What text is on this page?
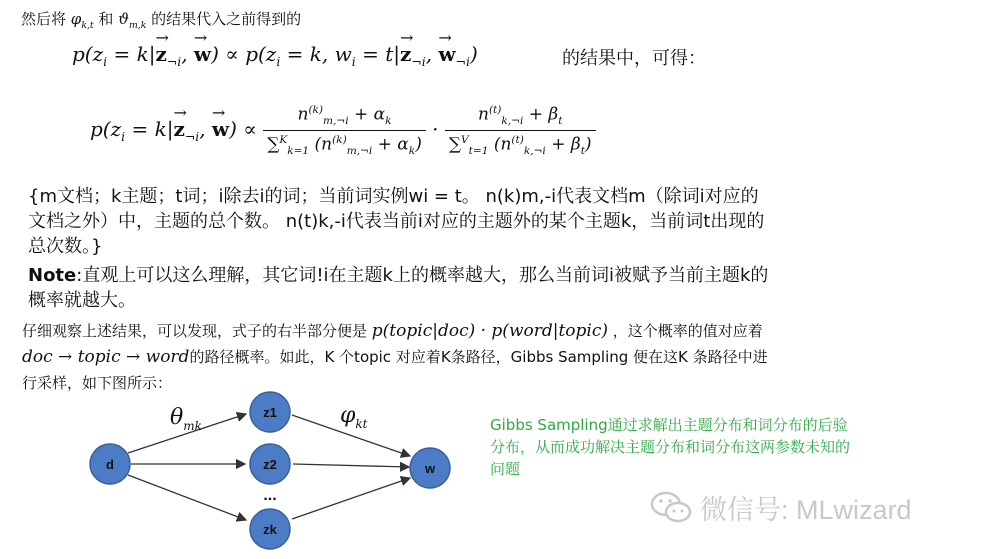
然后将 $\varphi_{k,t}$ 和 $ϑ_{m,k}$ 的结果代入之前得到的
$p(z_i = k|\to z_{\neg i}$, → $w) \propto p(z_i = k$, $w_i = t|\to z_{\neg i}$, → $w_{\neg i}$)	的结果中，可得：
$p(z_i = k|\to z_{\neg i}$, → $w) \propto \frac{n^{(k)}_{m,\neg i} + \alpha_k}{\sum^K_{k=1} (n^{(k)}_{m,\neg i} + \alpha_k)} \cdot \frac{n^{(t)}_{k,\neg i} + \beta_t}{\sum^V_{t=1} (n^{(t)}_{k,\neg i} + \beta_t)}$
{m文档；k主题；t词；i除去i的词；当前词实例wi = t。 n(k)m,-i代表文档m（除词i对应的
文档之外）中，主题的总个数。 n(t)k,-i代表当前i对应的主题外的某个主题k，当前词t出现的
总次数。}
Note:直观上可以这么理解，其它词!i在主题k上的概率越大，那么当前词i被赋予当前主题k的
概率就越大。
仔细观察上述结果，可以发现，式子的右半部分便是 p(topic|doc) · p(word|topic) ，这个概率的值对应着
doc → topic → word的路径概率。如此，K 个topic 对应着K条路径，Gibbs Sampling 便在这K 条路径中进
行采样，如下图所示：
d
z1
z2
...
zk
w
$\theta_{mk}$	$\varphi_{kt}$	Gibbs Sampling通过求解出主题分布和词分布的后验
分布，从而成功解决主题分布和词分布这两参数未知的
问题
微信号: MLwizard
